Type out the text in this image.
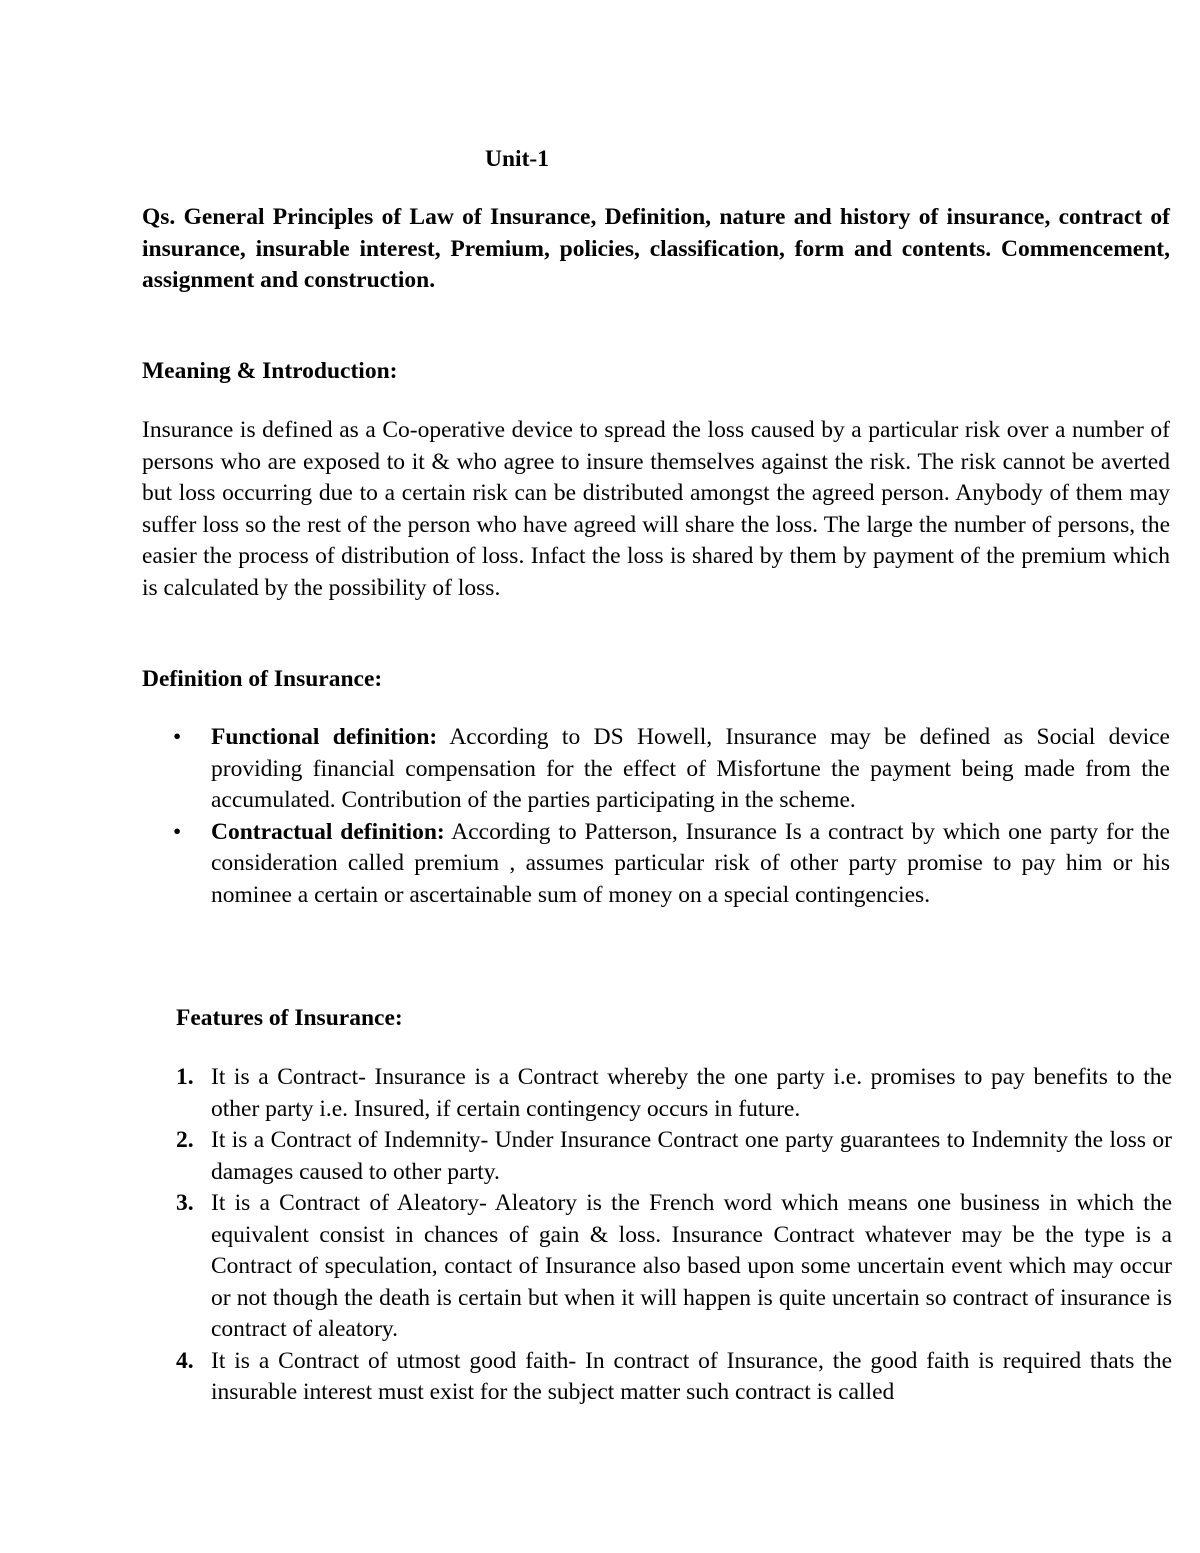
Unit-1

Qs. General Principles of Law of Insurance, Definition, nature and history of insurance, contract of insurance, insurable interest, Premium, policies, classification, form and contents. Commencement, assignment and construction.

Meaning & Introduction:

Insurance is defined as a Co-operative device to spread the loss caused by a particular risk over a number of persons who are exposed to it & who agree to insure themselves against the risk. The risk cannot be averted but loss occurring due to a certain risk can be distributed amongst the agreed person. Anybody of them may suffer loss so the rest of the person who have agreed will share the loss. The large the number of persons, the easier the process of distribution of loss. Infact the loss is shared by them by payment of the premium which is calculated by the possibility of loss.

Definition of Insurance:

• Functional definition: According to DS Howell, Insurance may be defined as Social device providing financial compensation for the effect of Misfortune the payment being made from the accumulated. Contribution of the parties participating in the scheme.
• Contractual definition: According to Patterson, Insurance Is a contract by which one party for the consideration called premium , assumes particular risk of other party promise to pay him or his nominee a certain or ascertainable sum of money on a special contingencies.

Features of Insurance:

1. It is a Contract- Insurance is a Contract whereby the one party i.e. promises to pay benefits to the other party i.e. Insured, if certain contingency occurs in future.
2. It is a Contract of Indemnity- Under Insurance Contract one party guarantees to Indemnity the loss or damages caused to other party.
3. It is a Contract of Aleatory- Aleatory is the French word which means one business in which the equivalent consist in chances of gain & loss. Insurance Contract whatever may be the type is a Contract of speculation, contact of Insurance also based upon some uncertain event which may occur or not though the death is certain but when it will happen is quite uncertain so contract of insurance is contract of aleatory.
4. It is a Contract of utmost good faith- In contract of Insurance, the good faith is required thats the insurable interest must exist for the subject matter such contract is called
